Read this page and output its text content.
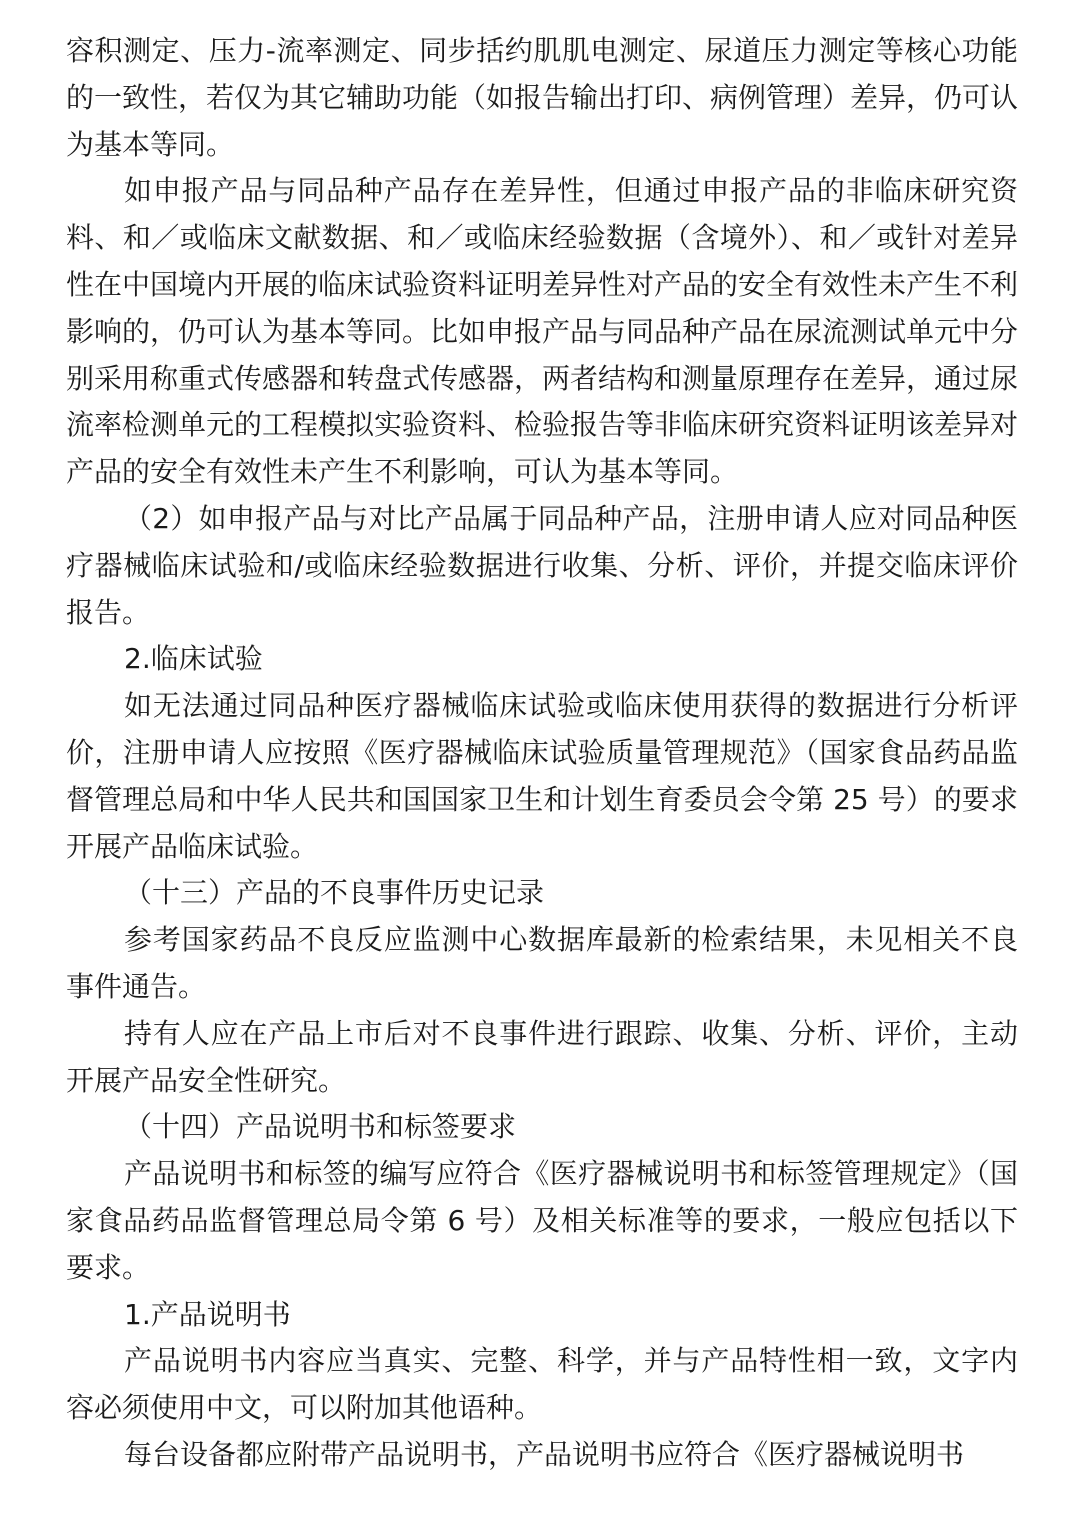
容积测定、压力-流率测定、同步括约肌肌电测定、尿道压力测定等核心功能的一致性，若仅为其它辅助功能（如报告输出打印、病例管理）差异，仍可认为基本等同。

如申报产品与同品种产品存在差异性，但通过申报产品的非临床研究资料、和／或临床文献数据、和／或临床经验数据（含境外）、和／或针对差异性在中国境内开展的临床试验资料证明差异性对产品的安全有效性未产生不利影响的，仍可认为基本等同。比如申报产品与同品种产品在尿流测试单元中分别采用称重式传感器和转盘式传感器，两者结构和测量原理存在差异，通过尿流率检测单元的工程模拟实验资料、检验报告等非临床研究资料证明该差异对产品的安全有效性未产生不利影响，可认为基本等同。

（2）如申报产品与对比产品属于同品种产品，注册申请人应对同品种医疗器械临床试验和/或临床经验数据进行收集、分析、评价，并提交临床评价报告。

2.临床试验

如无法通过同品种医疗器械临床试验或临床使用获得的数据进行分析评价，注册申请人应按照《医疗器械临床试验质量管理规范》（国家食品药品监督管理总局和中华人民共和国国家卫生和计划生育委员会令第 25 号）的要求开展产品临床试验。

（十三）产品的不良事件历史记录

参考国家药品不良反应监测中心数据库最新的检索结果，未见相关不良事件通告。

持有人应在产品上市后对不良事件进行跟踪、收集、分析、评价，主动开展产品安全性研究。

（十四）产品说明书和标签要求

产品说明书和标签的编写应符合《医疗器械说明书和标签管理规定》（国家食品药品监督管理总局令第 6 号）及相关标准等的要求，一般应包括以下要求。

1.产品说明书

产品说明书内容应当真实、完整、科学，并与产品特性相一致，文字内容必须使用中文，可以附加其他语种。

每台设备都应附带产品说明书，产品说明书应符合《医疗器械说明书
